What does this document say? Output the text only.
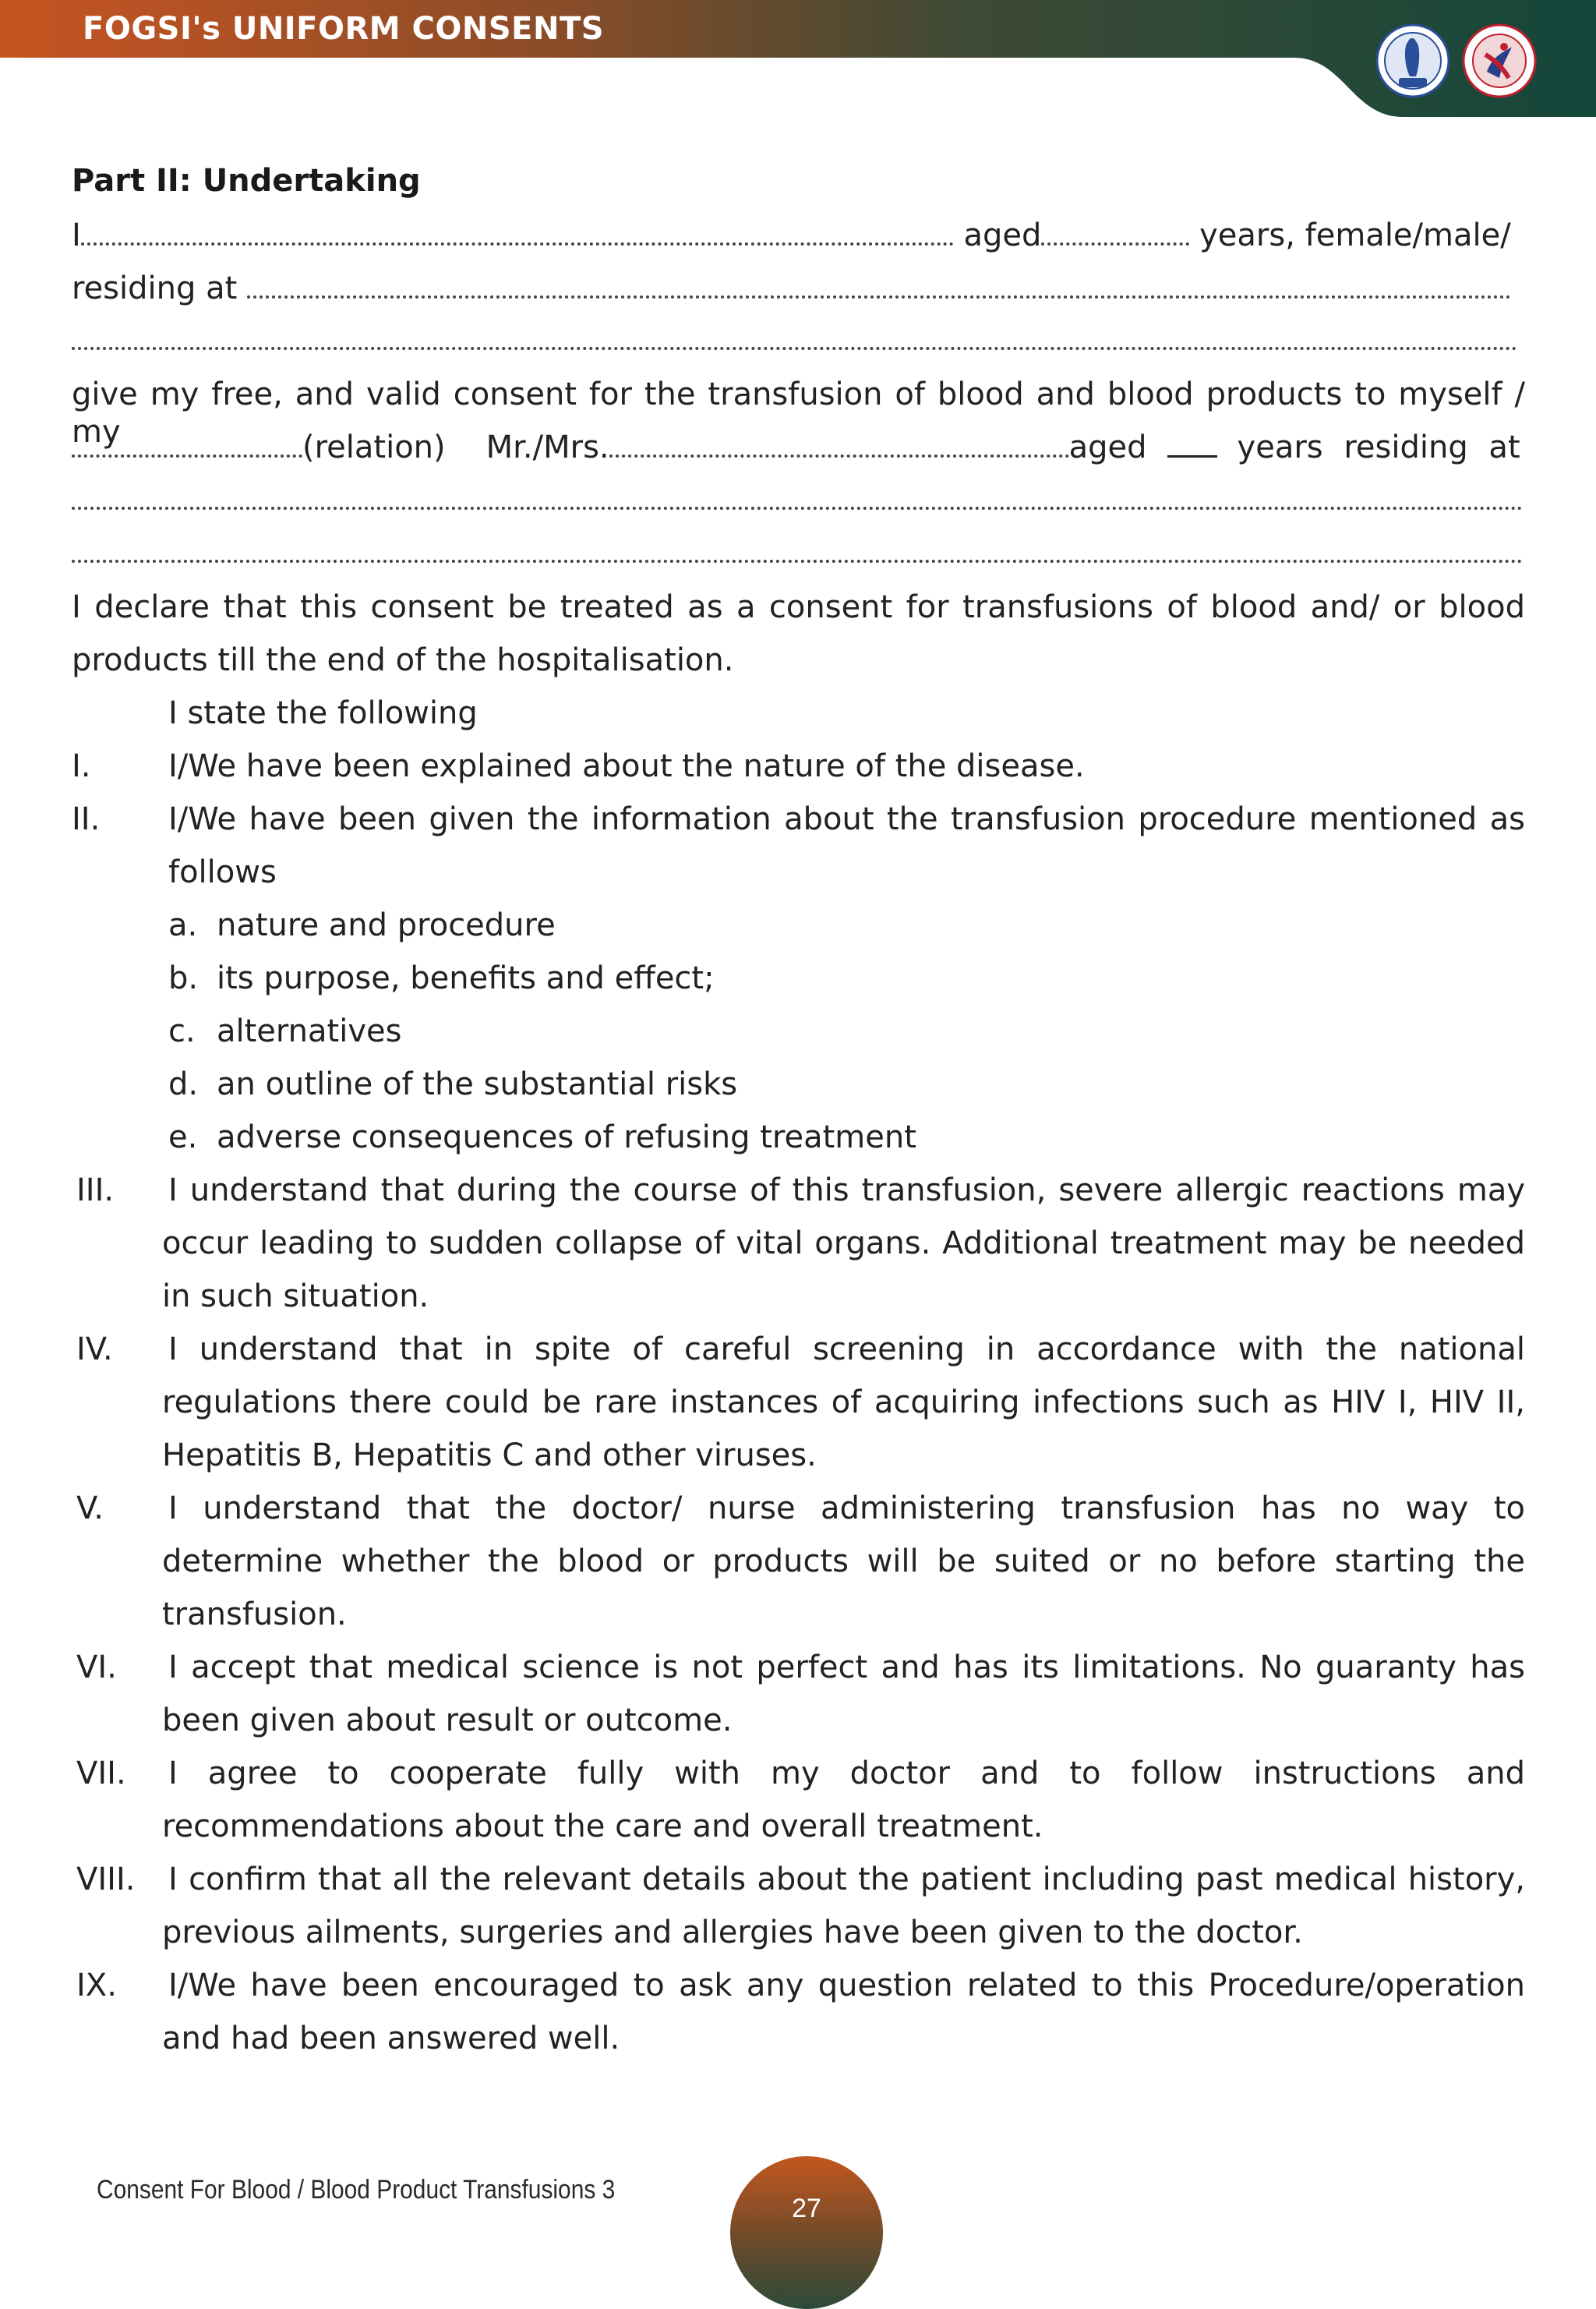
FOGSI's UNIFORM CONSENTS
Part II: Undertaking
I	aged	years, female/male/
residing at
give my free, and valid consent for the transfusion of blood and blood products to myself / my	(relation) Mr./Mrs.	aged	years residing at
I declare that this consent be treated as a consent for transfusions of blood and/ or blood
products till the end of the hospitalisation.
I state the following
I. I/We have been explained about the nature of the disease.
II. I/We have been given the information about the transfusion procedure mentioned as
follows
a. nature and procedure
b. its purpose, benefits and effect;
c. alternatives
d. an outline of the substantial risks
e. adverse consequences of refusing treatment
III. I understand that during the course of this transfusion, severe allergic reactions may
occur leading to sudden collapse of vital organs. Additional treatment may be needed
in such situation.
IV. I understand that in spite of careful screening in accordance with the national
regulations there could be rare instances of acquiring infections such as HIV I, HIV II,
Hepatitis B, Hepatitis C and other viruses.
V. I understand that the doctor/ nurse administering transfusion has no way to
determine whether the blood or products will be suited or no before starting the
transfusion.
VI. I accept that medical science is not perfect and has its limitations. No guaranty has
been given about result or outcome.
VII. I agree to cooperate fully with my doctor and to follow instructions and
recommendations about the care and overall treatment.
VIII. I confirm that all the relevant details about the patient including past medical history,
previous ailments, surgeries and allergies have been given to the doctor.
IX. I/We have been encouraged to ask any question related to this Procedure/operation
and had been answered well.
Consent For Blood / Blood Product Transfusions 3
27
